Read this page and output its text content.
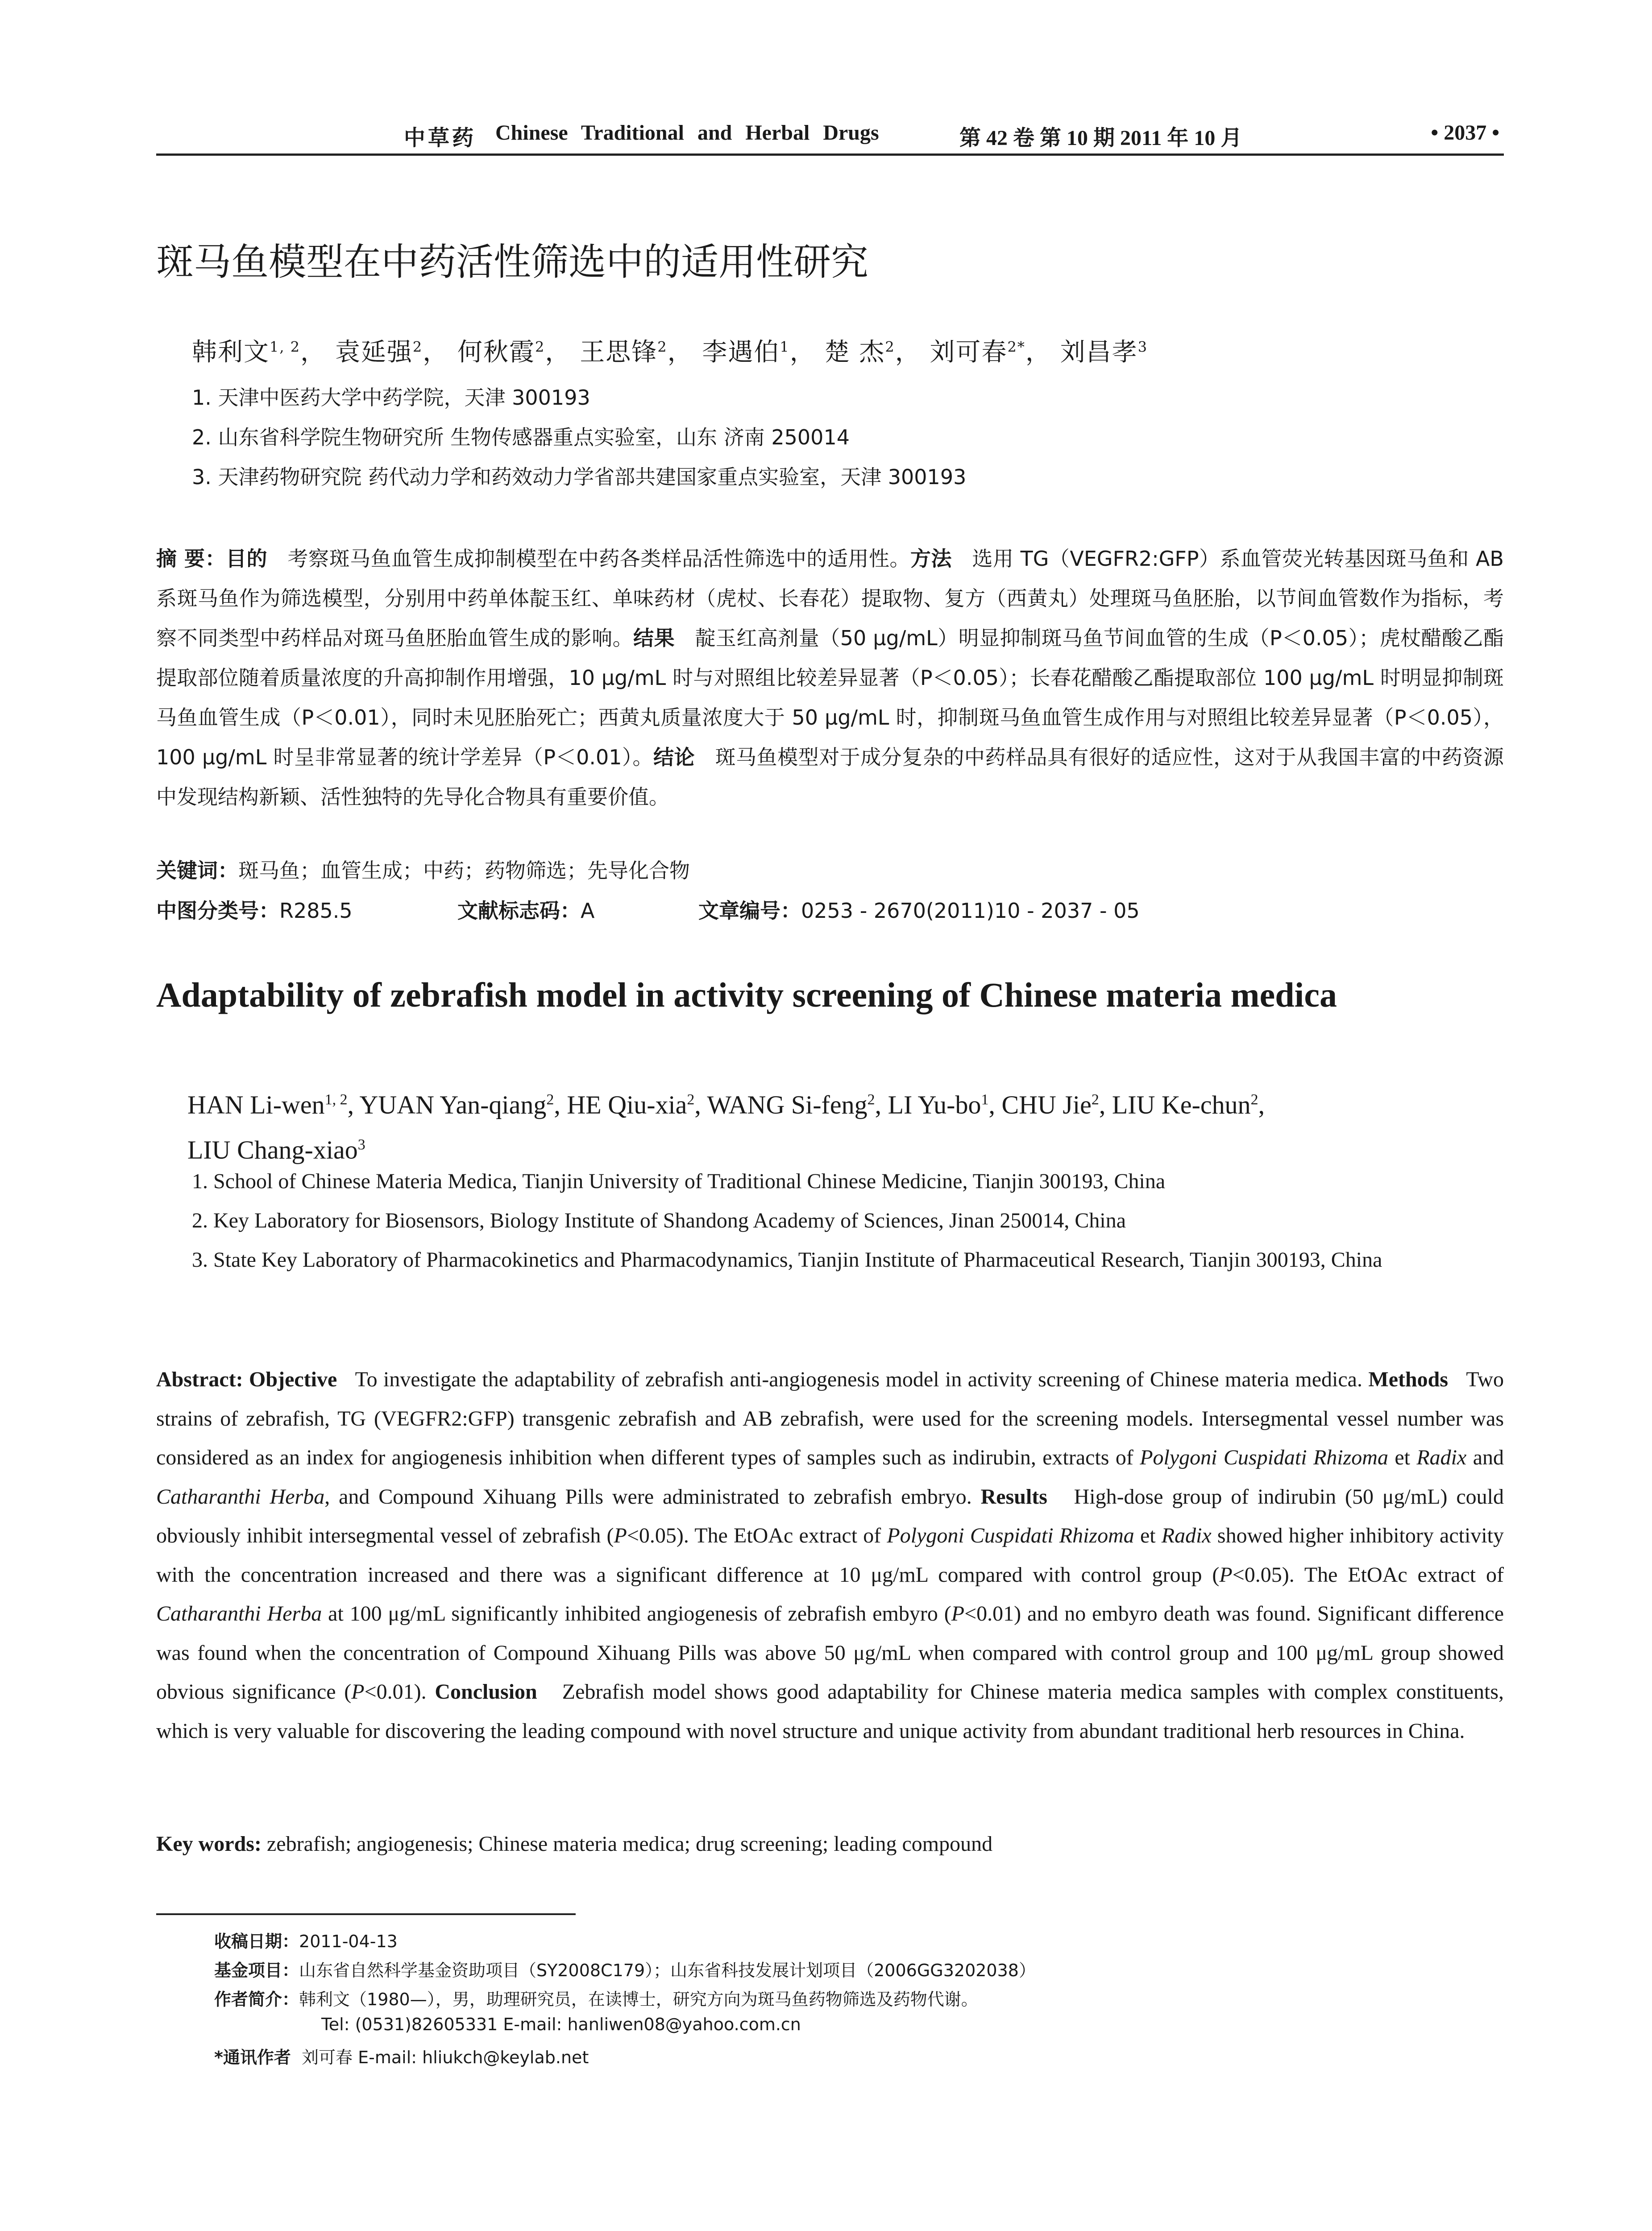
中草药 Chinese Traditional and Herbal Drugs	第 42 卷 第 10 期 2011 年 10 月	• 2037 •
斑马鱼模型在中药活性筛选中的适用性研究
韩利文$^{1, 2}$， 袁延强$^2$， 何秋霞$^2$， 王思锋$^2$， 李遇伯$^1$， 楚 杰$^2$， 刘可春$^{2*}$， 刘昌孝$^3$
1. 天津中医药大学中药学院，天津 300193
2. 山东省科学院生物研究所 生物传感器重点实验室，山东 济南 250014
3. 天津药物研究院 药代动力学和药效动力学省部共建国家重点实验室，天津 300193
摘 要：目的 考察斑马鱼血管生成抑制模型在中药各类样品活性筛选中的适用性。方法 选用 TG（VEGFR2:GFP）系血管荧光转基因斑马鱼和 AB 系斑马鱼作为筛选模型，分别用中药单体靛玉红、单味药材（虎杖、长春花）提取物、复方（西黄丸）处理斑马鱼胚胎，以节间血管数作为指标，考察不同类型中药样品对斑马鱼胚胎血管生成的影响。结果 靛玉红高剂量（50 μg/mL）明显抑制斑马鱼节间血管的生成（P＜0.05）；虎杖醋酸乙酯提取部位随着质量浓度的升高抑制作用增强，10 μg/mL 时与对照组比较差异显著（P＜0.05）；长春花醋酸乙酯提取部位 100 μg/mL 时明显抑制斑马鱼血管生成（P＜0.01），同时未见胚胎死亡；西黄丸质量浓度大于 50 μg/mL 时，抑制斑马鱼血管生成作用与对照组比较差异显著（P＜0.05），100 μg/mL 时呈非常显著的统计学差异（P＜0.01）。结论 斑马鱼模型对于成分复杂的中药样品具有很好的适应性，这对于从我国丰富的中药资源中发现结构新颖、活性独特的先导化合物具有重要价值。
关键词：斑马鱼；血管生成；中药；药物筛选；先导化合物
中图分类号：R285.5	文献标志码：A	文章编号：0253 - 2670(2011)10 - 2037 - 05
Adaptability of zebrafish model in activity screening of Chinese materia medica
HAN Li-wen$^{1, 2}$, YUAN Yan-qiang$^2$, HE Qiu-xia$^2$, WANG Si-feng$^2$, LI $Yu-bo^1$, CHU Jie$^2$, LIU Ke-chun$^2$,
LIU Chang-xiao$^3$
1. School of Chinese Materia Medica, Tianjin University of Traditional Chinese Medicine, Tianjin 300193, China
2. Key Laboratory for Biosensors, Biology Institute of Shandong Academy of Sciences, Jinan 250014, China
3. State Key Laboratory of Pharmacokinetics and Pharmacodynamics, Tianjin Institute of Pharmaceutical Research, Tianjin 300193, China
Abstract: Objective To investigate the adaptability of zebrafish anti-angiogenesis model in activity screening of Chinese materia medica. Methods Two strains of zebrafish, TG (VEGFR2:GFP) transgenic zebrafish and AB zebrafish, were used for the screening models. Intersegmental vessel number was considered as an index for angiogenesis inhibition when different types of samples such as indirubin, extracts of Polygoni Cuspidati Rhizoma et Radix and Catharanthi Herba, and Compound Xihuang Pills were administrated to zebrafish embryo. Results High-dose group of indirubin (50 μg/mL) could obviously inhibit intersegmental vessel of zebrafish (P<0.05). The EtOAc extract of Polygoni Cuspidati Rhizoma et Radix showed higher inhibitory activity with the concentration increased and there was a significant difference at 10 μg/mL compared with control group (P<0.05). The EtOAc extract of Catharanthi Herba at 100 μg/mL significantly inhibited angiogenesis of zebrafish embyro (P<0.01) and no embyro death was found. Significant difference was found when the concentration of Compound Xihuang Pills was above 50 μg/mL when compared with control group and 100 μg/mL group showed obvious significance (P<0.01). Conclusion Zebrafish model shows good adaptability for Chinese materia medica samples with complex constituents, which is very valuable for discovering the leading compound with novel structure and unique activity from abundant traditional herb resources in China.
Key words: zebrafish; angiogenesis; Chinese materia medica; drug screening; leading compound
收稿日期：2011-04-13
基金项目：山东省自然科学基金资助项目（SY2008C179）；山东省科技发展计划项目（2006GG3202038）
作者简介：韩利文（1980—），男，助理研究员，在读博士，研究方向为斑马鱼药物筛选及药物代谢。
Tel: (0531)82605331 E-mail: hanliwen08@yahoo.com.cn
*通讯作者 刘可春 E-mail: hliukch@keylab.net
